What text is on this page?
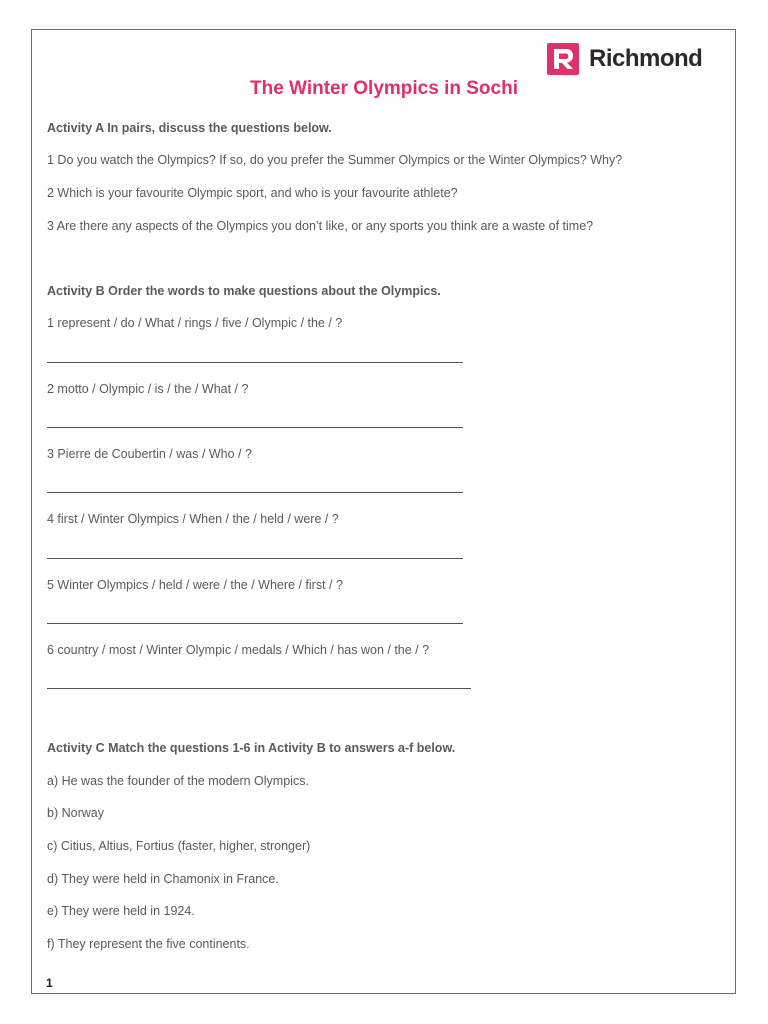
Richmond
The Winter Olympics in Sochi
Activity A In pairs, discuss the questions below.
1 Do you watch the Olympics? If so, do you prefer the Summer Olympics or the Winter Olympics? Why?
2 Which is your favourite Olympic sport, and who is your favourite athlete?
3 Are there any aspects of the Olympics you don’t like, or any sports you think are a waste of time?
Activity B Order the words to make questions about the Olympics.
1 represent / do / What / rings / five / Olympic / the / ?
2 motto / Olympic / is / the / What / ?
3 Pierre de Coubertin / was / Who / ?
4 first / Winter Olympics / When / the / held / were / ?
5 Winter Olympics / held / were / the / Where / first / ?
6 country / most / Winter Olympic / medals / Which / has won / the / ?
Activity C Match the questions 1-6 in Activity B to answers a-f below.
a) He was the founder of the modern Olympics.
b) Norway
c) Citius, Altius, Fortius (faster, higher, stronger)
d) They were held in Chamonix in France.
e) They were held in 1924.
f) They represent the five continents.
1
